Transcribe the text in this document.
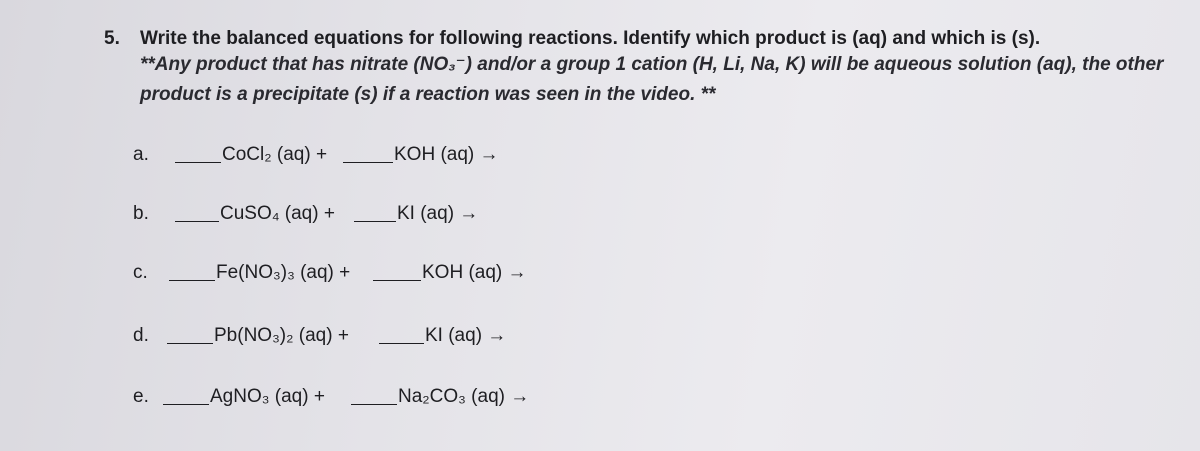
5. Write the balanced equations for following reactions. Identify which product is (aq) and which is (s).
**Any product that has nitrate (NO₃⁻) and/or a group 1 cation (H, Li, Na, K) will be aqueous solution (aq), the other product is a precipitate (s) if a reaction was seen in the video. **
a.	CoCl₂ (aq) +	KOH (aq) →
b.	CuSO₄ (aq) +	KI (aq) →
c.	Fe(NO₃)₃ (aq) +	KOH (aq) →
d.	Pb(NO₃)₂ (aq) +	KI (aq) →
e.	AgNO₃ (aq) +	Na₂CO₃ (aq) →
